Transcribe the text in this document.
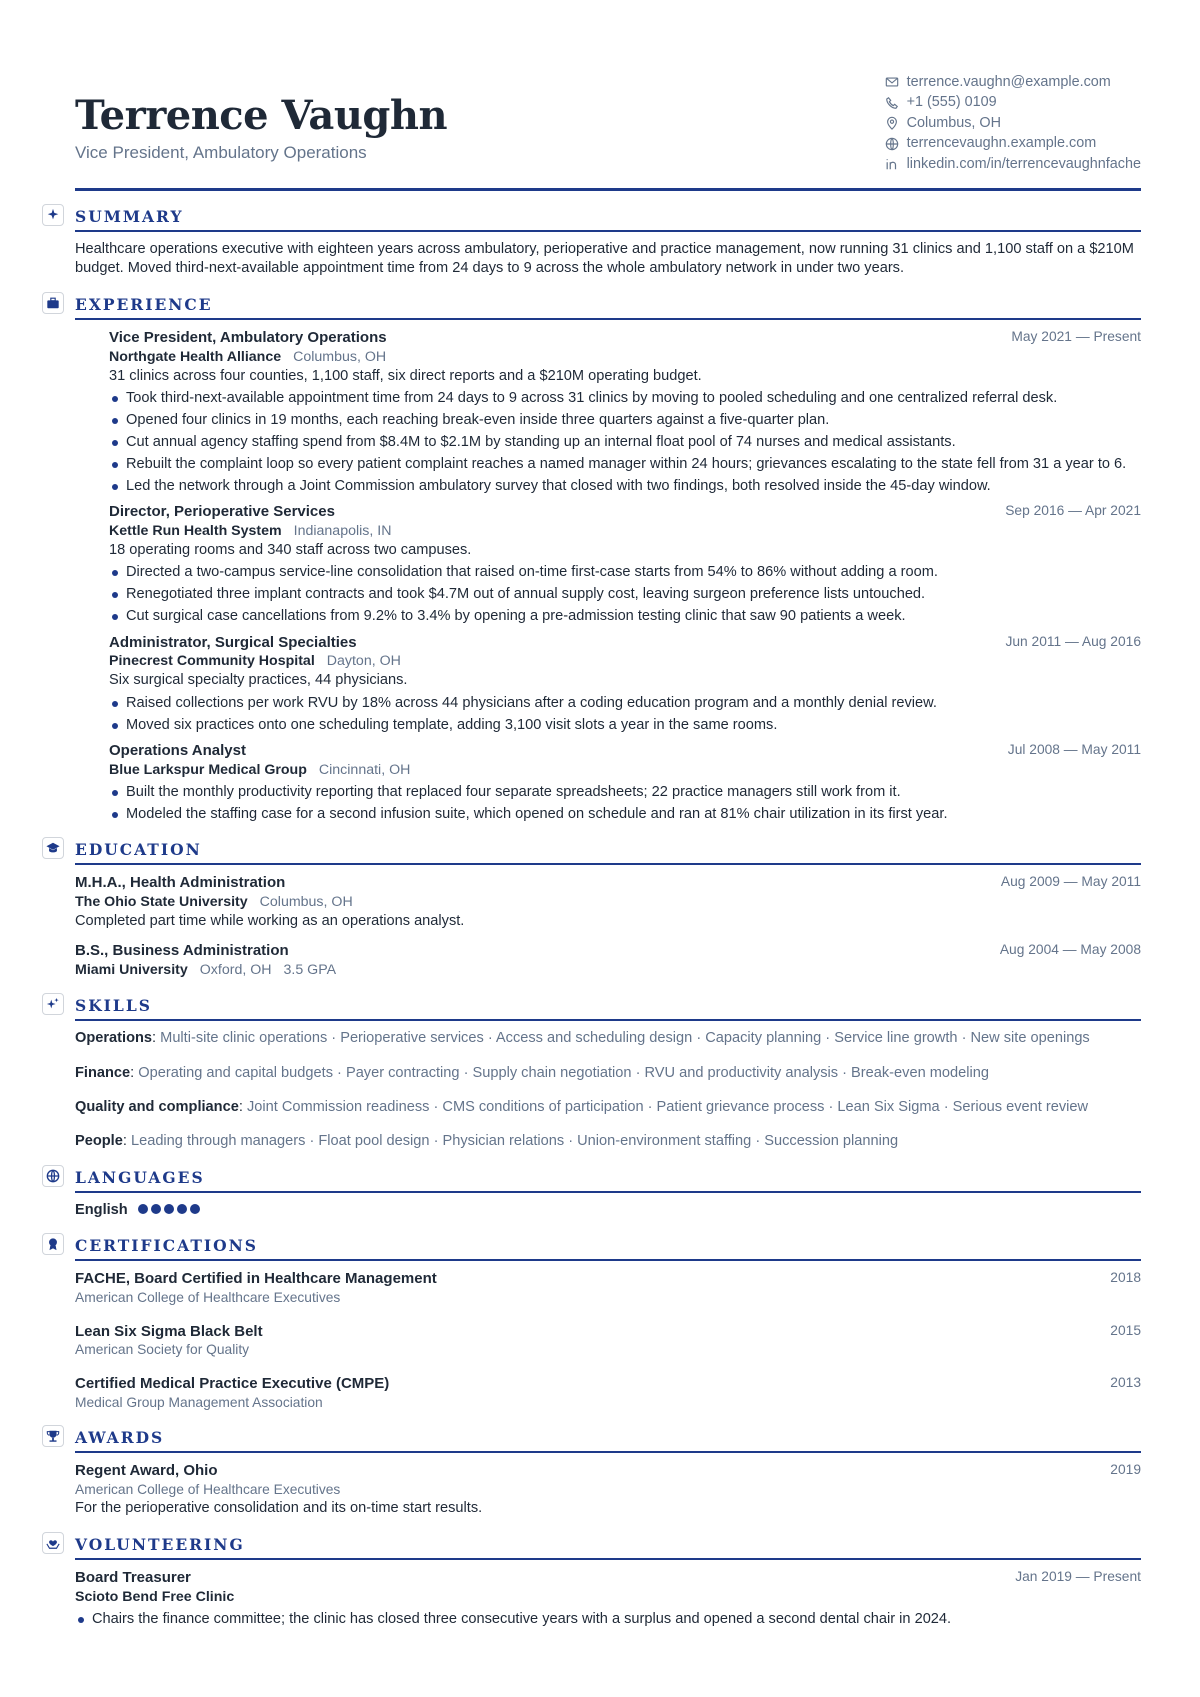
Terrence Vaughn
Vice President, Ambulatory Operations
terrence.vaughn@example.com
+1 (555) 0109
Columbus, OH
terrencevaughn.example.com
linkedin.com/in/terrencevaughnfache
SUMMARY

Healthcare operations executive with eighteen years across ambulatory, perioperative and practice management, now running 31 clinics and 1,100 staff on a $210M budget. Moved third-next-available appointment time from 24 days to 9 across the whole ambulatory network in under two years.

EXPERIENCE
Vice President, Ambulatory Operations	May 2021 — Present
Northgate Health Alliance Columbus, OH

31 clinics across four counties, 1,100 staff, six direct reports and a $210M operating budget.

Took third-next-available appointment time from 24 days to 9 across 31 clinics by moving to pooled scheduling and one centralized referral desk.
Opened four clinics in 19 months, each reaching break-even inside three quarters against a five-quarter plan.
Cut annual agency staffing spend from $8.4M to $2.1M by standing up an internal float pool of 74 nurses and medical assistants.
Rebuilt the complaint loop so every patient complaint reaches a named manager within 24 hours; grievances escalating to the state fell from 31 a year to 6.
Led the network through a Joint Commission ambulatory survey that closed with two findings, both resolved inside the 45-day window.
Director, Perioperative Services	Sep 2016 — Apr 2021
Kettle Run Health System Indianapolis, IN

18 operating rooms and 340 staff across two campuses.

Directed a two-campus service-line consolidation that raised on-time first-case starts from 54% to 86% without adding a room.
Renegotiated three implant contracts and took $4.7M out of annual supply cost, leaving surgeon preference lists untouched.
Cut surgical case cancellations from 9.2% to 3.4% by opening a pre-admission testing clinic that saw 90 patients a week.
Administrator, Surgical Specialties	Jun 2011 — Aug 2016
Pinecrest Community Hospital Dayton, OH

Six surgical specialty practices, 44 physicians.

Raised collections per work RVU by 18% across 44 physicians after a coding education program and a monthly denial review.
Moved six practices onto one scheduling template, adding 3,100 visit slots a year in the same rooms.
Operations Analyst	Jul 2008 — May 2011
Blue Larkspur Medical Group Cincinnati, OH
Built the monthly productivity reporting that replaced four separate spreadsheets; 22 practice managers still work from it.
Modeled the staffing case for a second infusion suite, which opened on schedule and ran at 81% chair utilization in its first year.
EDUCATION
M.H.A., Health Administration	Aug 2009 — May 2011
The Ohio State University Columbus, OH

Completed part time while working as an operations analyst.

B.S., Business Administration	Aug 2004 — May 2008
Miami University Oxford, OH 3.5 GPA
SKILLS
Operations: Multi-site clinic operations · Perioperative services · Access and scheduling design · Capacity planning · Service line growth · New site openings
Finance: Operating and capital budgets · Payer contracting · Supply chain negotiation · RVU and productivity analysis · Break-even modeling
Quality and compliance: Joint Commission readiness · CMS conditions of participation · Patient grievance process · Lean Six Sigma · Serious event review
People: Leading through managers · Float pool design · Physician relations · Union-environment staffing · Succession planning
LANGUAGES
English
CERTIFICATIONS
FACHE, Board Certified in Healthcare Management	2018
American College of Healthcare Executives
Lean Six Sigma Black Belt	2015
American Society for Quality
Certified Medical Practice Executive (CMPE)	2013
Medical Group Management Association
AWARDS
Regent Award, Ohio	2019
American College of Healthcare Executives

For the perioperative consolidation and its on-time start results.

VOLUNTEERING
Board Treasurer	Jan 2019 — Present
Scioto Bend Free Clinic
Chairs the finance committee; the clinic has closed three consecutive years with a surplus and opened a second dental chair in 2024.
